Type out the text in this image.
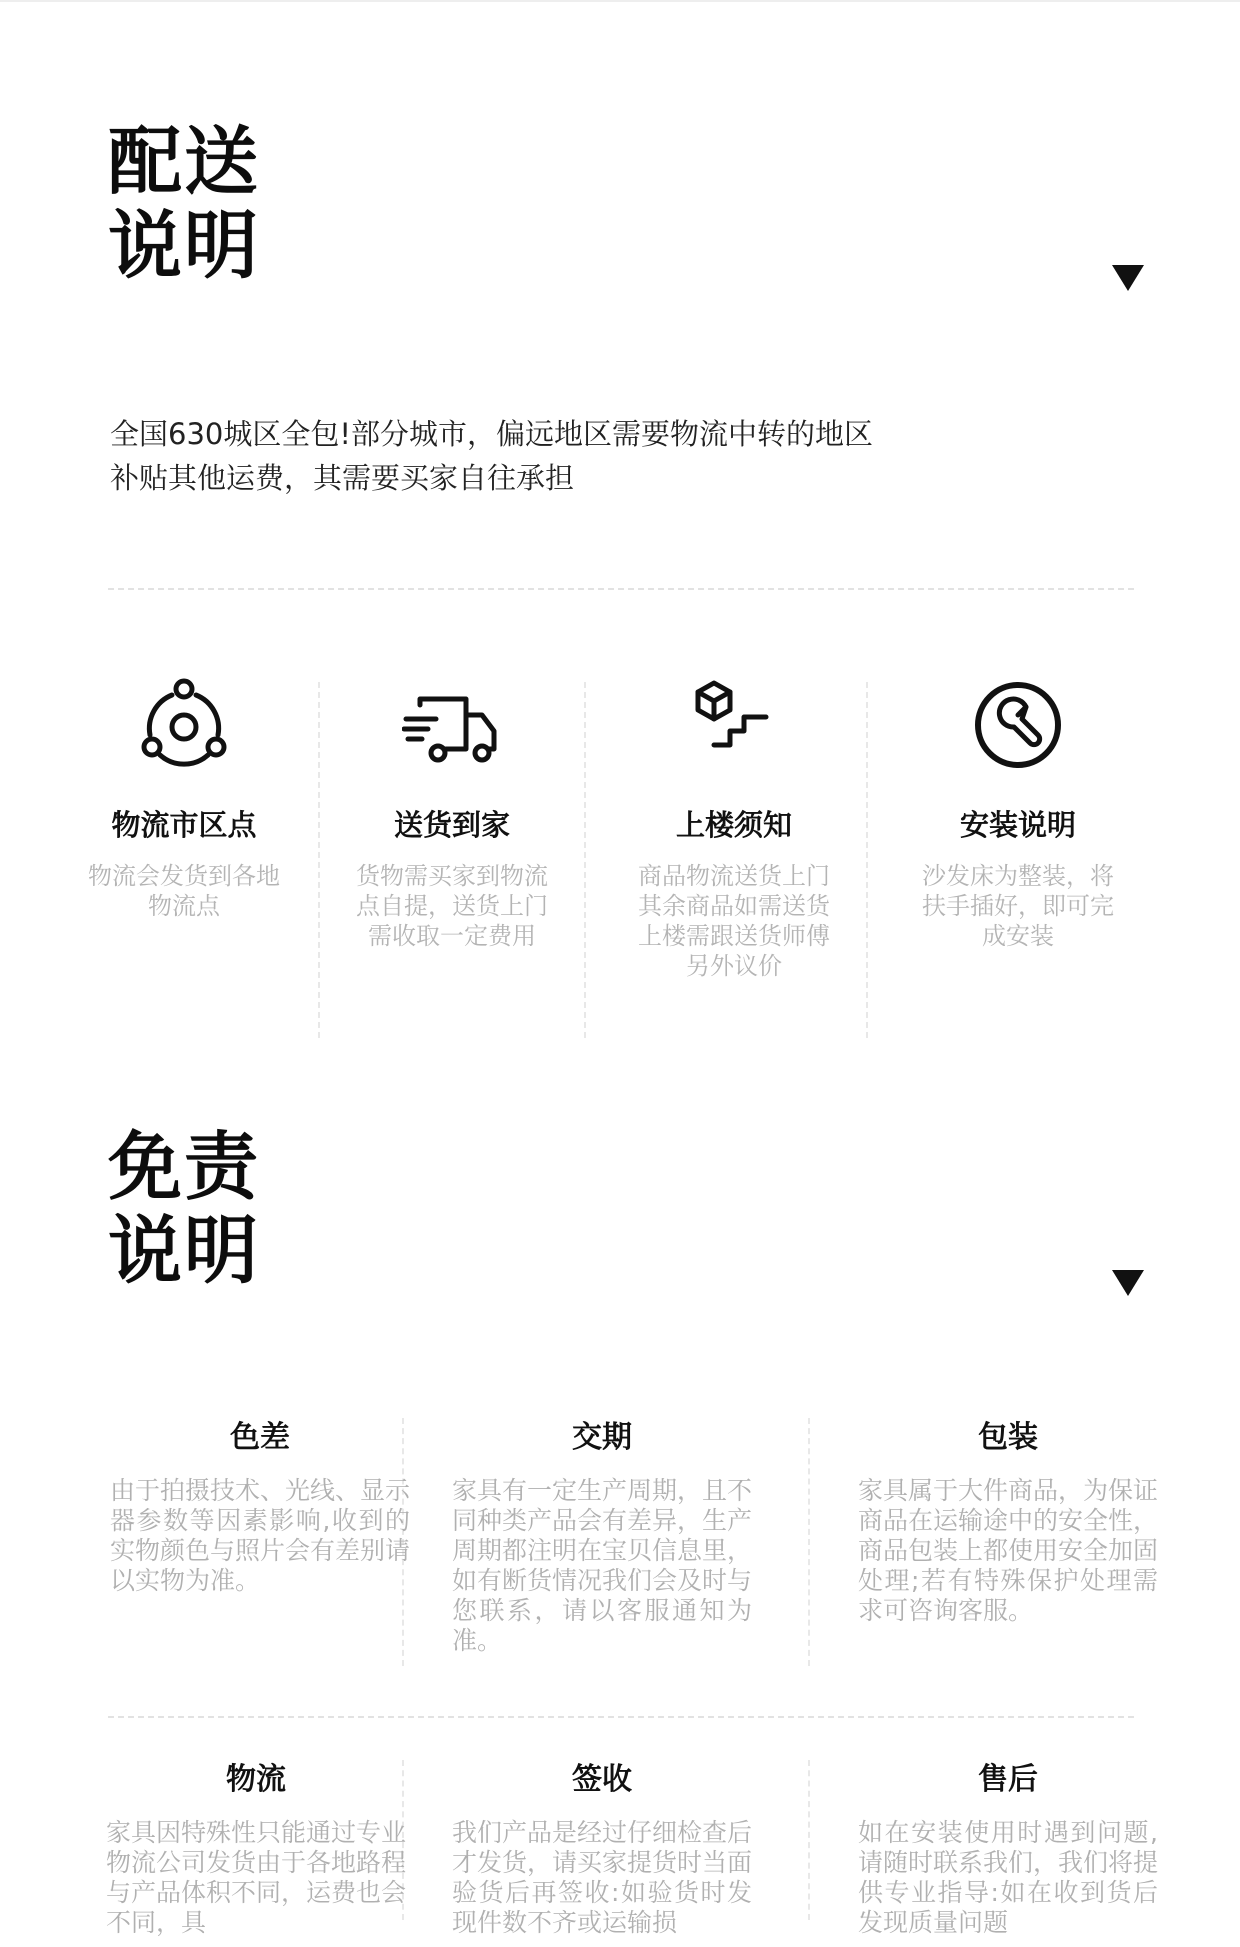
配送
说明

全国630城区全包!部分城市，偏远地区需要物流中转的地区
补贴其他运费，其需要买家自往承担

物流市区点
物流会发货到各地物流点
送货到家
货物需买家到物流点自提，送货上门需收取一定费用
上楼须知
商品物流送货上门其余商品如需送货上楼需跟送货师傅另外议价
安装说明
沙发床为整装，将扶手插好，即可完成安装
免责
说明
色差
由于拍摄技术、光线、显示器参数等因素影响,收到的实物颜色与照片会有差别请以实物为准。
交期
家具有一定生产周期，且不同种类产品会有差异，生产周期都注明在宝贝信息里，如有断货情况我们会及时与您联系，请以客服通知为准。
包装
家具属于大件商品，为保证商品在运输途中的安全性，商品包装上都使用安全加固处理;若有特殊保护处理需求可咨询客服。
物流
家具因特殊性只能通过专业物流公司发货由于各地路程与产品体积不同，运费也会不同，具
签收
我们产品是经过仔细检查后才发货，请买家提货时当面验货后再签收:如验货时发现件数不齐或运输损
售后
如在安装使用时遇到问题,请随时联系我们，我们将提供专业指导:如在收到货后发现质量问题
